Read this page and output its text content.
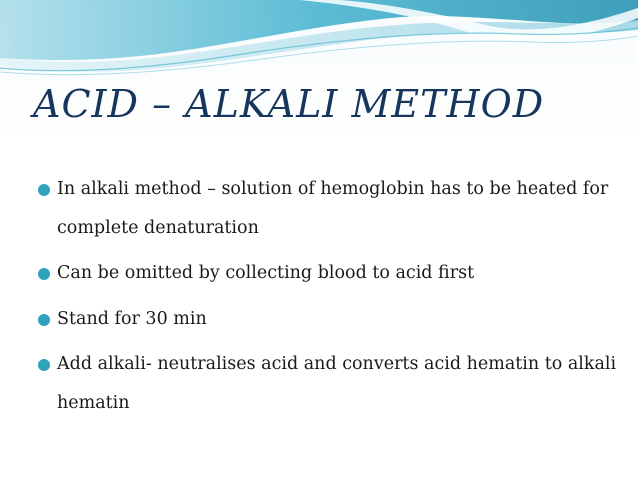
ACID – ALKALI METHOD
In alkali method – solution of hemoglobin has to be heated for complete denaturation
Can be omitted by collecting blood to acid first
Stand for 30 min
Add alkali- neutralises acid and converts acid hematin to alkali hematin
